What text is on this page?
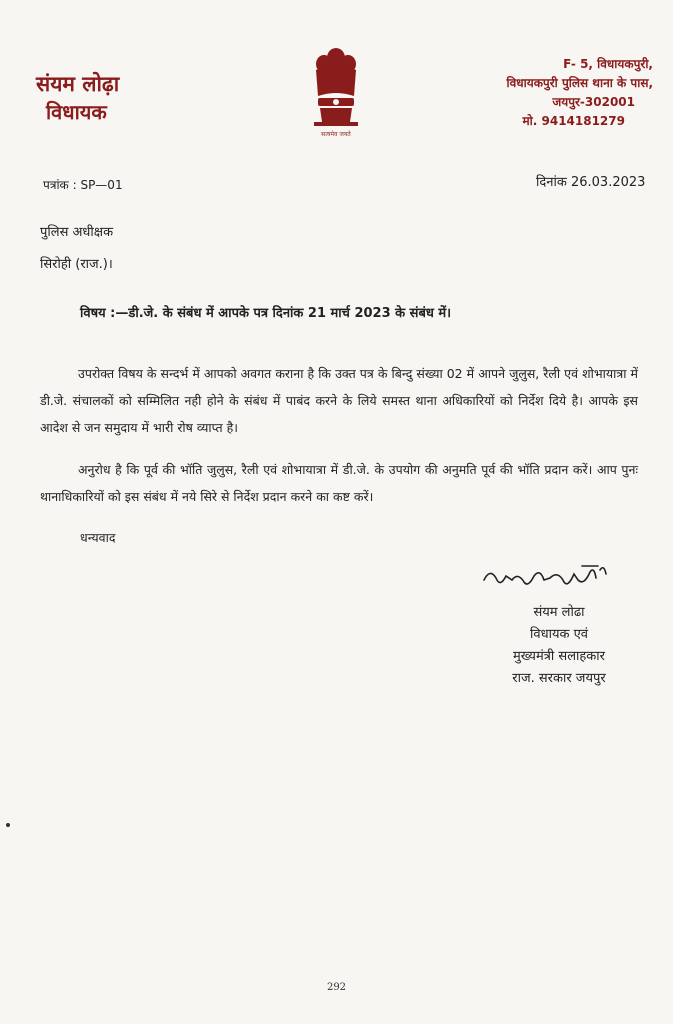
संयम लोढ़ा
विधायक
सत्यमेव जयते
F- 5, विधायकपुरी,
विधायकपुरी पुलिस थाना के पास,
जयपुर-302001
मो. 9414181279
पत्रांक : SP—01	दिनांक 26.03.2023
पुलिस अधीक्षक
सिरोही (राज.)।
विषय :—डी.जे. के संबंध में आपके पत्र दिनांक 21 मार्च 2023 के संबंध में।
उपरोक्त विषय के सन्दर्भ में आपको अवगत कराना है कि उक्त पत्र के बिन्दु संख्या 02 में आपने जुलुस, रैली एवं शोभायात्रा में डी.जे. संचालकों को सम्मिलित नही होने के संबंध में पाबंद करने के लिये समस्त थाना अधिकारियों को निर्देश दिये है। आपके इस आदेश से जन समुदाय में भारी रोष व्याप्त है।
अनुरोध है कि पूर्व की भॉति जुलुस, रैली एवं शोभायात्रा में डी.जे. के उपयोग की अनुमति पूर्व की भॉति प्रदान करें। आप पुनः थानाधिकारियों को इस संबंध में नये सिरे से निर्देश प्रदान करने का कष्ट करें।
धन्यवाद
संयम लोढा
विधायक एवं
मुख्यमंत्री सलाहकार
राज. सरकार जयपुर
292
